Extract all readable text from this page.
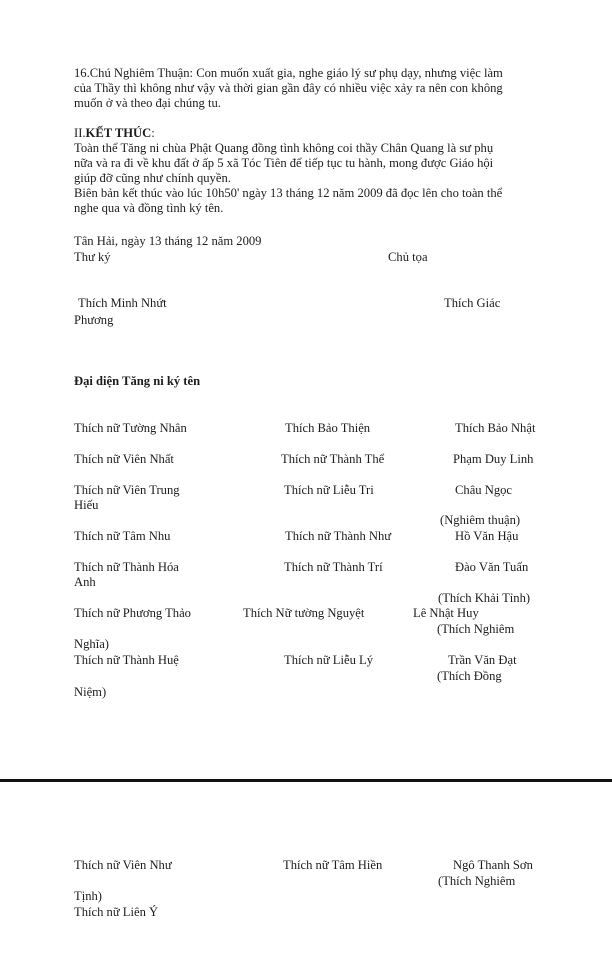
16.Chú Nghiêm Thuận: Con muốn xuất gia, nghe giáo lý sư phụ dạy, nhưng việc làm
của Thầy thì không như vậy và thời gian gần đây có nhiều việc xảy ra nên con không
muốn ở và theo đại chúng tu.
II.KẾT THÚC:
Toàn thể Tăng ni chùa Phật Quang đồng tình không coi thầy Chân Quang là sư phụ
nữa và ra đi về khu đất ở ấp 5 xã Tóc Tiên để tiếp tục tu hành, mong được Giáo hội
giúp đỡ cũng như chính quyền.
Biên bản kết thúc vào lúc 10h50' ngày 13 tháng 12 năm 2009 đã đọc lên cho toàn thể
nghe qua và đồng tình ký tên.
Tân Hải, ngày 13 tháng 12 năm 2009
Thư ký	Chủ tọa
Thích Minh Nhứt	Thích Giác
Phương
Đại diện Tăng ni ký tên
Thích nữ Tường Nhân	Thích Bảo Thiện	Thích Bảo Nhật
Thích nữ Viên Nhất	Thích nữ Thành Thể	Phạm Duy Linh
Thích nữ Viên Trung	Thích nữ Liễu Tri	Châu Ngọc
Hiếu
(Nghiêm thuận)
Thích nữ Tâm Nhu	Thích nữ Thành Như	Hồ Văn Hậu
Thích nữ Thành Hóa	Thích nữ Thành Trí	Đào Văn Tuấn
Anh
(Thích Khải Tỉnh)
Thích nữ Phương Thảo	Thích Nữ tường Nguyệt	Lê Nhật Huy
(Thích Nghiêm
Nghĩa)
Thích nữ Thành Huệ	Thích nữ Liễu Lý	Trần Văn Đạt
(Thích Đồng
Niệm)
Thích nữ Viên Như	Thích nữ Tâm Hiền	Ngô Thanh Sơn
(Thích Nghiêm
Tịnh)
Thích nữ Liên Ý
